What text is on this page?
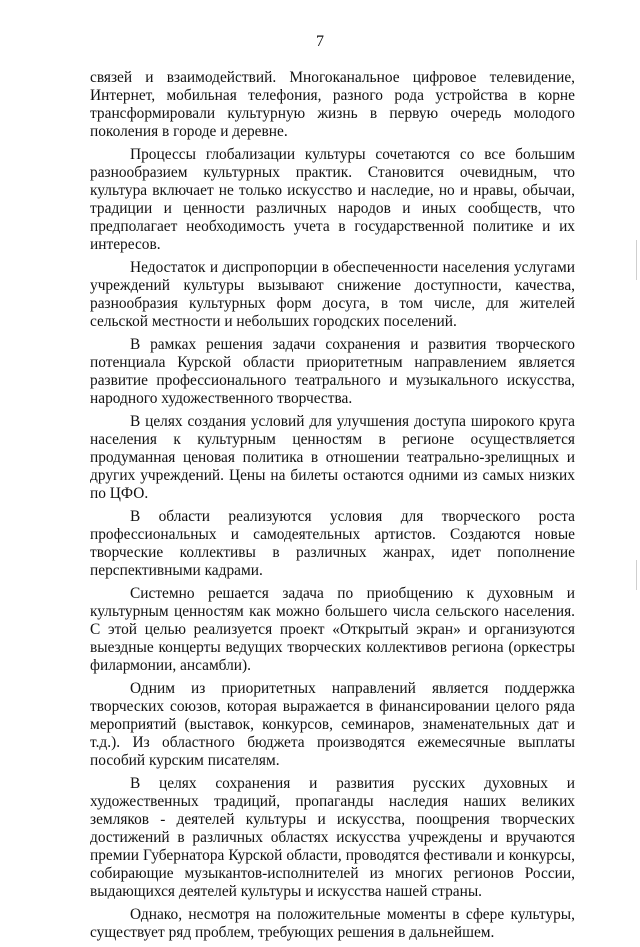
7

связей и взаимодействий. Многоканальное цифровое телевидение, Интернет, мобильная телефония, разного рода устройства в корне трансформировали культурную жизнь в первую очередь молодого поколения в городе и деревне.

Процессы глобализации культуры сочетаются со все большим разнообразием культурных практик. Становится очевидным, что культура включает не только искусство и наследие, но и нравы, обычаи, традиции и ценности различных народов и иных сообществ, что предполагает необходимость учета в государственной политике и их интересов.

Недостаток и диспропорции в обеспеченности населения услугами учреждений культуры вызывают снижение доступности, качества, разнообразия культурных форм досуга, в том числе, для жителей сельской местности и небольших городских поселений.

В рамках решения задачи сохранения и развития творческого потенциала Курской области приоритетным направлением является развитие профессионального театрального и музыкального искусства, народного художественного творчества.

В целях создания условий для улучшения доступа широкого круга населения к культурным ценностям в регионе осуществляется продуманная ценовая политика в отношении театрально-зрелищных и других учреждений. Цены на билеты остаются одними из самых низких по ЦФО.

В области реализуются условия для творческого роста профессиональных и самодеятельных артистов. Создаются новые творческие коллективы в различных жанрах, идет пополнение перспективными кадрами.

Системно решается задача по приобщению к духовным и культурным ценностям как можно большего числа сельского населения. С этой целью реализуется проект «Открытый экран» и организуются выездные концерты ведущих творческих коллективов региона (оркестры филармонии, ансамбли).

Одним из приоритетных направлений является поддержка творческих союзов, которая выражается в финансировании целого ряда мероприятий (выставок, конкурсов, семинаров, знаменательных дат и т.д.). Из областного бюджета производятся ежемесячные выплаты пособий курским писателям.

В целях сохранения и развития русских духовных и художественных традиций, пропаганды наследия наших великих земляков - деятелей культуры и искусства, поощрения творческих достижений в различных областях искусства учреждены и вручаются премии Губернатора Курской области, проводятся фестивали и конкурсы, собирающие музыкантов-исполнителей из многих регионов России, выдающихся деятелей культуры и искусства нашей страны.

Однако, несмотря на положительные моменты в сфере культуры, существует ряд проблем, требующих решения в дальнейшем.
